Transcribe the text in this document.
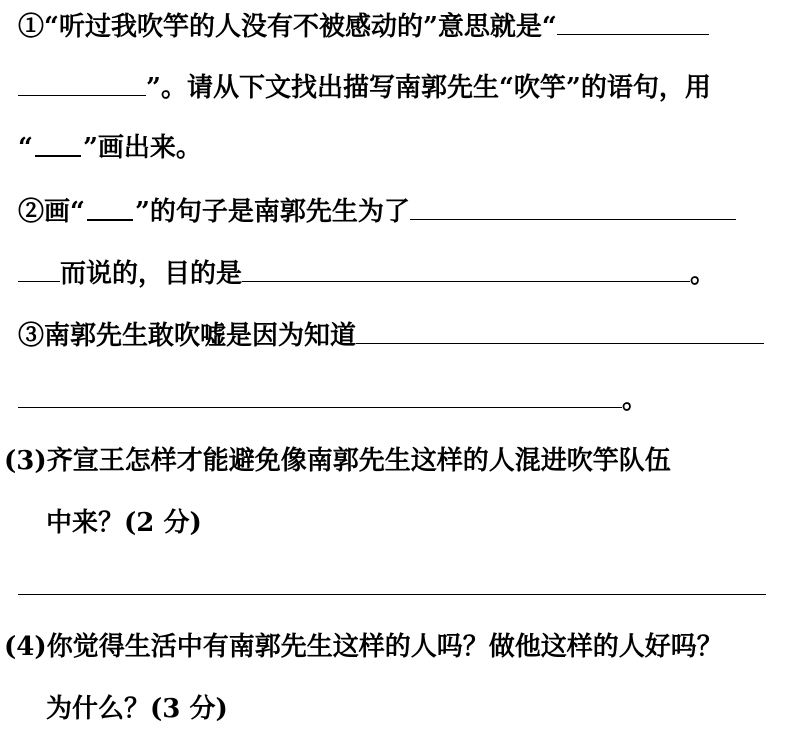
①“听过我吹竽的人没有不被感动的”意思就是“
”。请从下文找出描写南郭先生“吹竽”的语句，用
“ ”画出来。
②画“ ”的句子是南郭先生为了
而说的，目的是	。
③南郭先生敢吹嘘是因为知道
。
(3)齐宣王怎样才能避免像南郭先生这样的人混进吹竽队伍
中来？(2 分)
(4)你觉得生活中有南郭先生这样的人吗？做他这样的人好吗？
为什么？(3 分)
